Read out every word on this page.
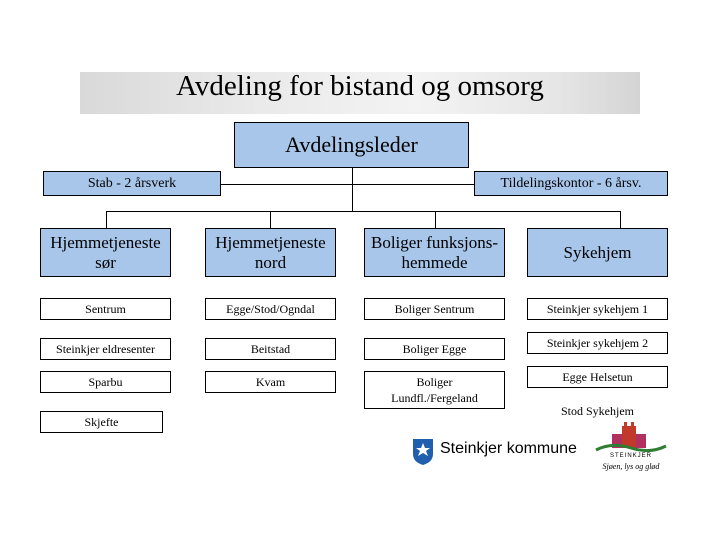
Avdeling for bistand og omsorg
Avdelingsleder
Stab - 2 årsverk	Tildelingskontor - 6 årsv.
Hjemmetjeneste sør
Hjemmetjeneste nord
Boliger funksjons-hemmede
Sykehjem
Sentrum
Steinkjer eldresenter
Sparbu
Skjefte
Egge/Stod/Ogndal
Beitstad
Kvam
Boliger Sentrum
Boliger Egge
Boliger Lundfl./Fergeland
Steinkjer sykehjem 1
Steinkjer sykehjem 2
Egge Helsetun
Stod Sykehjem
Steinkjer kommune	STEINKJER
Sjøen, lys og glød
